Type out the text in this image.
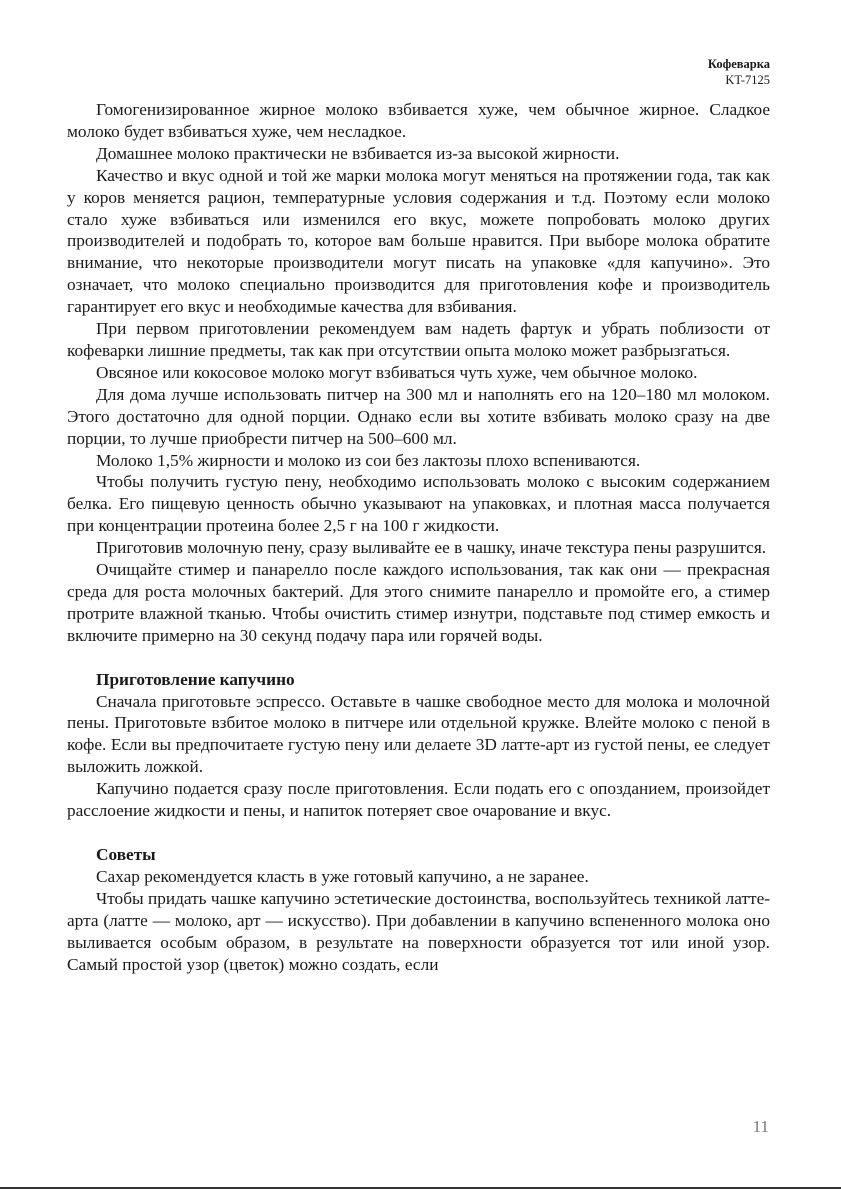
Кофеварка
KT-7125

Гомогенизированное жирное молоко взбивается хуже, чем обычное жирное. Сладкое молоко будет взбиваться хуже, чем несладкое.

Домашнее молоко практически не взбивается из-за высокой жирности.

Качество и вкус одной и той же марки молока могут меняться на протяжении года, так как у коров меняется рацион, температурные условия содержания и т.д. Поэтому если молоко стало хуже взбиваться или изменился его вкус, можете попробовать молоко других производителей и подобрать то, которое вам больше нравится. При выборе молока обратите внимание, что некоторые производители могут писать на упаковке «для капучино». Это означает, что молоко специально производится для приготовления кофе и производитель гарантирует его вкус и необходимые качества для взбивания.

При первом приготовлении рекомендуем вам надеть фартук и убрать поблизости от кофеварки лишние предметы, так как при отсутствии опыта молоко может разбрызгаться.

Овсяное или кокосовое молоко могут взбиваться чуть хуже, чем обычное молоко.

Для дома лучше использовать питчер на 300 мл и наполнять его на 120–180 мл молоком. Этого достаточно для одной порции. Однако если вы хотите взбивать молоко сразу на две порции, то лучше приобрести питчер на 500–600 мл.

Молоко 1,5% жирности и молоко из сои без лактозы плохо вспениваются.

Чтобы получить густую пену, необходимо использовать молоко с высоким содержанием белка. Его пищевую ценность обычно указывают на упаковках, и плотная масса получается при концентрации протеина более 2,5 г на 100 г жидкости.

Приготовив молочную пену, сразу выливайте ее в чашку, иначе текстура пены разрушится.

Очищайте стимер и панарелло после каждого использования, так как они — прекрасная среда для роста молочных бактерий. Для этого снимите панарелло и промойте его, а стимер протрите влажной тканью. Чтобы очистить стимер изнутри, подставьте под стимер емкость и включите примерно на 30 секунд подачу пара или горячей воды.

Приготовление капучино

Сначала приготовьте эспрессо. Оставьте в чашке свободное место для молока и молочной пены. Приготовьте взбитое молоко в питчере или отдельной кружке. Влейте молоко с пеной в кофе. Если вы предпочитаете густую пену или делаете 3D латте-арт из густой пены, ее следует выложить ложкой.

Капучино подается сразу после приготовления. Если подать его с опозданием, произойдет расслоение жидкости и пены, и напиток потеряет свое очарование и вкус.

Советы

Сахар рекомендуется класть в уже готовый капучино, а не заранее.

Чтобы придать чашке капучино эстетические достоинства, воспользуйтесь техникой латте-арта (латте — молоко, арт — искусство). При добавлении в капучино вспененного молока оно выливается особым образом, в результате на поверхности образуется тот или иной узор. Самый простой узор (цветок) можно создать, если

11
